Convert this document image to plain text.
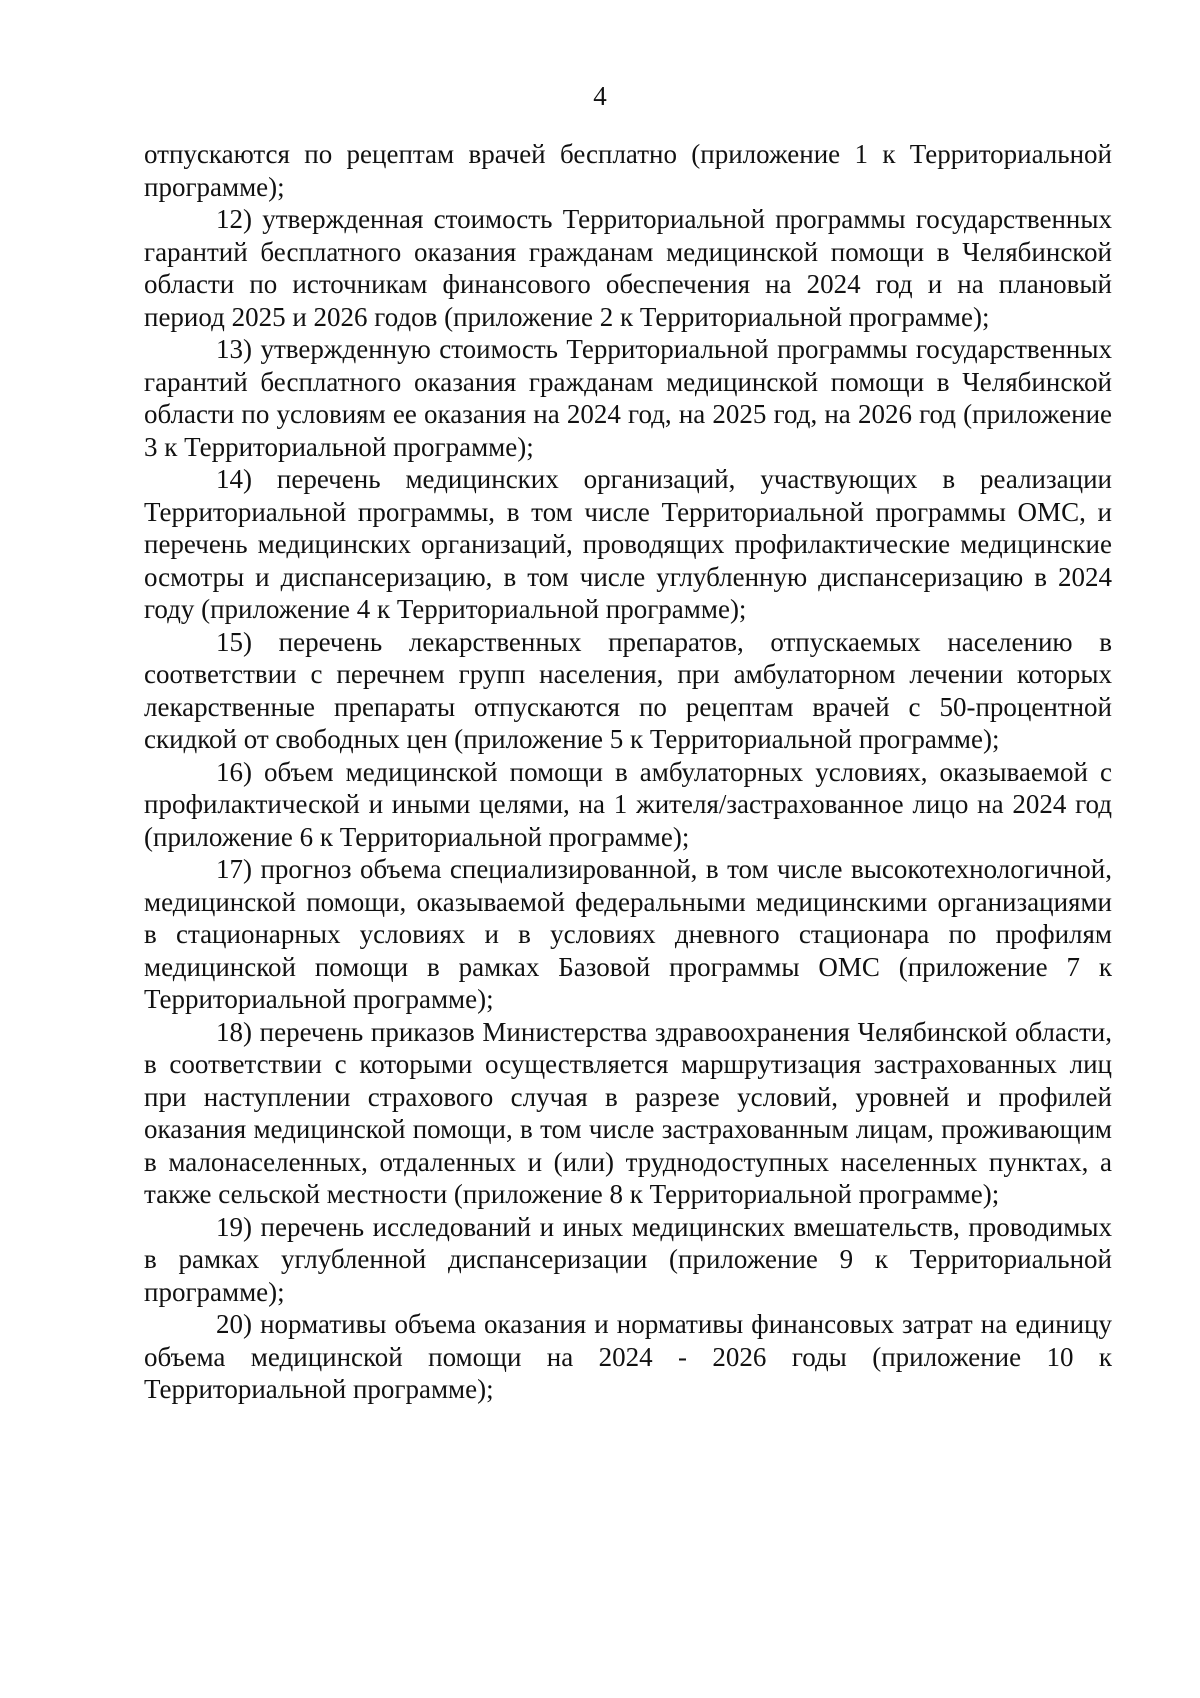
4

отпускаются по рецептам врачей бесплатно (приложение 1 к Территориальной программе);

12) утвержденная стоимость Территориальной программы государственных гарантий бесплатного оказания гражданам медицинской помощи в Челябинской области по источникам финансового обеспечения на 2024 год и на плановый период 2025 и 2026 годов (приложение 2 к Территориальной программе);

13) утвержденную стоимость Территориальной программы государственных гарантий бесплатного оказания гражданам медицинской помощи в Челябинской области по условиям ее оказания на 2024 год, на 2025 год, на 2026 год (приложение 3 к Территориальной программе);

14) перечень медицинских организаций, участвующих в реализации Территориальной программы, в том числе Территориальной программы ОМС, и перечень медицинских организаций, проводящих профилактические медицинские осмотры и диспансеризацию, в том числе углубленную диспансеризацию в 2024 году (приложение 4 к Территориальной программе);

15) перечень лекарственных препаратов, отпускаемых населению в соответствии с перечнем групп населения, при амбулаторном лечении которых лекарственные препараты отпускаются по рецептам врачей с 50-процентной скидкой от свободных цен (приложение 5 к Территориальной программе);

16) объем медицинской помощи в амбулаторных условиях, оказываемой с профилактической и иными целями, на 1 жителя/застрахованное лицо на 2024 год (приложение 6 к Территориальной программе);

17) прогноз объема специализированной, в том числе высокотехнологичной, медицинской помощи, оказываемой федеральными медицинскими организациями в стационарных условиях и в условиях дневного стационара по профилям медицинской помощи в рамках Базовой программы ОМС (приложение 7 к Территориальной программе);

18) перечень приказов Министерства здравоохранения Челябинской области, в соответствии с которыми осуществляется маршрутизация застрахованных лиц при наступлении страхового случая в разрезе условий, уровней и профилей оказания медицинской помощи, в том числе застрахованным лицам, проживающим в малонаселенных, отдаленных и (или) труднодоступных населенных пунктах, а также сельской местности (приложение 8 к Территориальной программе);

19) перечень исследований и иных медицинских вмешательств, проводимых в рамках углубленной диспансеризации (приложение 9 к Территориальной программе);

20) нормативы объема оказания и нормативы финансовых затрат на единицу объема медицинской помощи на 2024 - 2026 годы (приложение 10 к Территориальной программе);
